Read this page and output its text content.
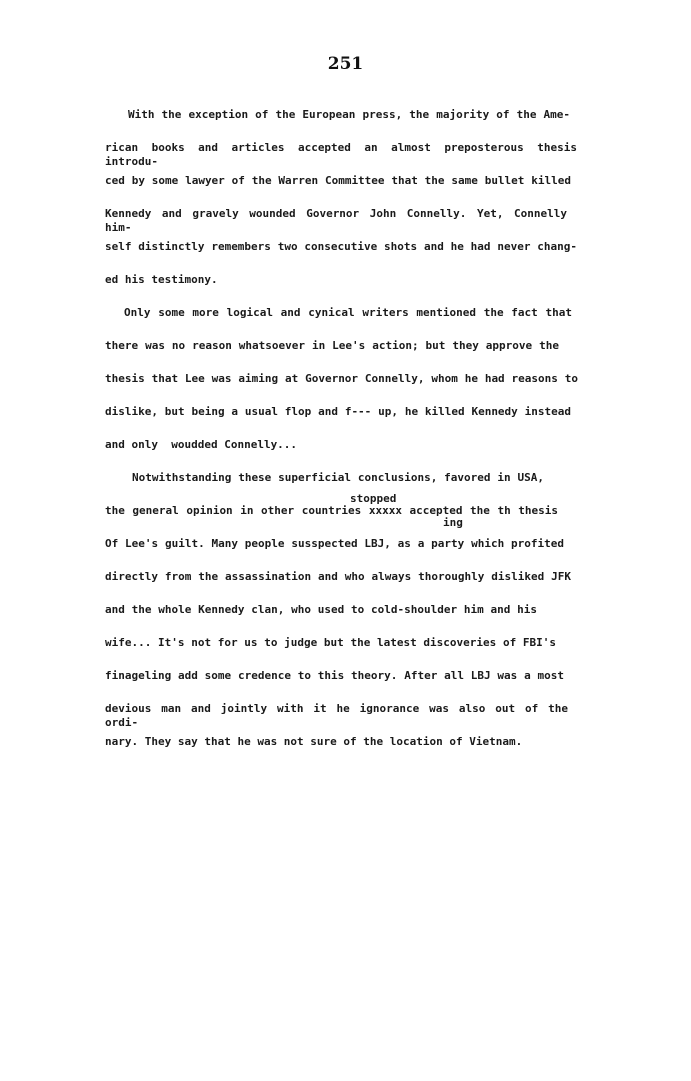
251
With the exception of the European press, the majority of the Ame-
rican books and articles accepted an almost preposterous thesis introdu-
ced by some lawyer of the Warren Committee that the same bullet killed
Kennedy and gravely wounded Governor John Connelly. Yet, Connelly him-
self distinctly remembers two consecutive shots and he had never chang-
ed his testimony.
Only some more logical and cynical writers mentioned the fact that
there was no reason whatsoever in Lee's action; but they approve the
thesis that Lee was aiming at Governor Connelly, whom he had reasons to
dislike, but being a usual flop and f--- up, he killed Kennedy instead
and only  woudded Connelly...
Notwithstanding these superficial conclusions, favored in USA,
stopped
the general opinion in other countries xxxxx accepted the th thesis
ing
Of Lee's guilt. Many people susspected LBJ, as a party which profited
directly from the assassination and who always thoroughly disliked JFK
and the whole Kennedy clan, who used to cold-shoulder him and his
wife... It's not for us to judge but the latest discoveries of FBI's
finageling add some credence to this theory. After all LBJ was a most
devious man and jointly with it he ignorance was also out of the ordi-
nary. They say that he was not sure of the location of Vietnam.
